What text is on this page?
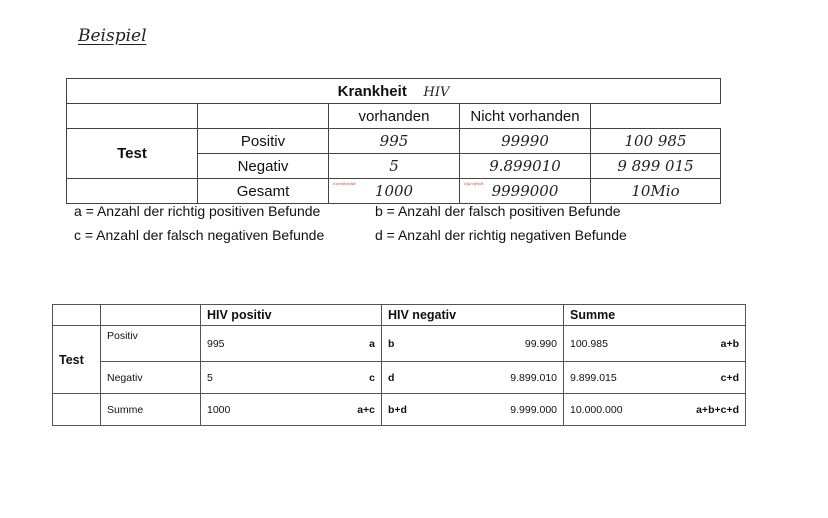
Beispiel
Krankheit HIV				
		vorhanden	Nicht vorhanden	
Test	Positiv	995	99990	100 985
	Negativ	5	9.899010	9 899 015
	Gesamt	Sensitivität 1000	Spezifität 9999000	10Mio
a = Anzahl der richtig positiven Befunde	b = Anzahl der falsch positiven Befunde
c = Anzahl der falsch negativen Befunde	d = Anzahl der richtig negativen Befunde
		HIV positiv	HIV negativ	Summe
Test	Positiv	995 a	b 99.990	100.985 a+b

	Negativ	5 c	d 9.899.010	9.899.015 c+d

	Summe	1000 a+c	b+d 9.999.000	10.000.000 a+b+c+d
